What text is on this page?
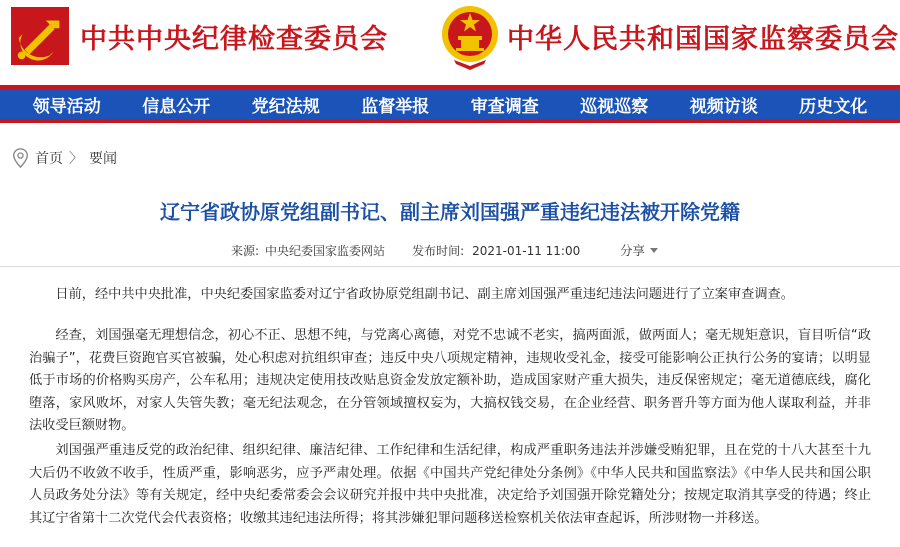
中共中央纪律检查委员会	中华人民共和国国家监察委员会
领导活动 信息公开 党纪法规 监督举报 审查调查 巡视巡察 视频访谈 历史文化
首页 〉 要闻
辽宁省政协原党组副书记、副主席刘国强严重违纪违法被开除党籍
来源: 中央纪委国家监委网站 发布时间: 2021-01-11 11:00	分享

日前，经中共中央批准，中央纪委国家监委对辽宁省政协原党组副书记、副主席刘国强严重违纪违法问题进行了立案审查调查。

经查，刘国强毫无理想信念，初心不正、思想不纯，与党离心离德，对党不忠诚不老实，搞两面派，做两面人；毫无规矩意识，盲目听信“政治骗子”，花费巨资跑官买官被骗，处心积虑对抗组织审查；违反中央八项规定精神，违规收受礼金，接受可能影响公正执行公务的宴请；以明显低于市场的价格购买房产，公车私用；违规决定使用技改贴息资金发放定额补助，造成国家财产重大损失，违反保密规定；毫无道德底线，腐化堕落，家风败坏，对家人失管失教；毫无纪法观念，在分管领域擅权妄为，大搞权钱交易，在企业经营、职务晋升等方面为他人谋取利益，并非法收受巨额财物。

刘国强严重违反党的政治纪律、组织纪律、廉洁纪律、工作纪律和生活纪律，构成严重职务违法并涉嫌受贿犯罪，且在党的十八大甚至十九大后仍不收敛不收手，性质严重，影响恶劣，应予严肃处理。依据《中国共产党纪律处分条例》《中华人民共和国监察法》《中华人民共和国公职人员政务处分法》等有关规定，经中央纪委常委会会议研究并报中共中央批准，决定给予刘国强开除党籍处分；按规定取消其享受的待遇；终止其辽宁省第十二次党代会代表资格；收缴其违纪违法所得；将其涉嫌犯罪问题移送检察机关依法审查起诉，所涉财物一并移送。
